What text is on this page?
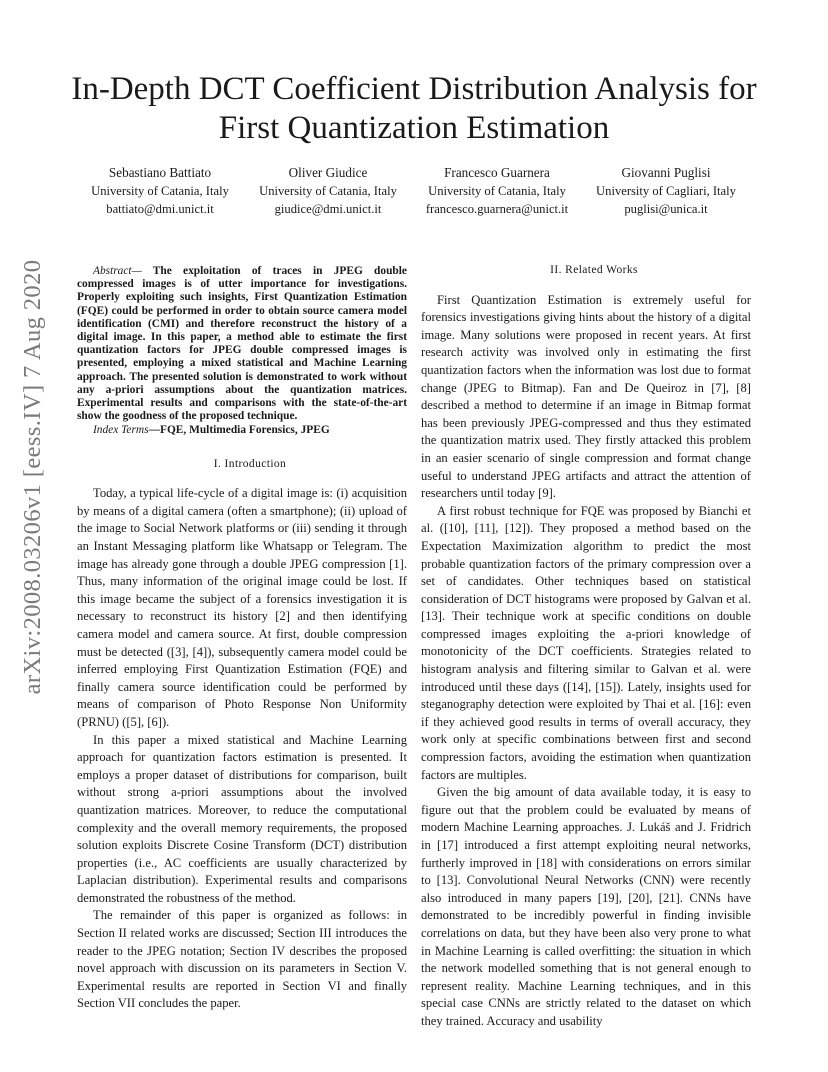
In-Depth DCT Coefficient Distribution Analysis for First Quantization Estimation
Sebastiano Battiato
University of Catania, Italy
battiato@dmi.unict.it
Oliver Giudice
University of Catania, Italy
giudice@dmi.unict.it
Francesco Guarnera
University of Catania, Italy
francesco.guarnera@unict.it
Giovanni Puglisi
University of Cagliari, Italy
puglisi@unica.it
arXiv:2008.03206v1 [eess.IV] 7 Aug 2020	Abstract— The exploitation of traces in JPEG double compressed images is of utter importance for investigations. Properly exploiting such insights, First Quantization Estimation (FQE) could be performed in order to obtain source camera model identification (CMI) and therefore reconstruct the history of a digital image. In this paper, a method able to estimate the first quantization factors for JPEG double compressed images is presented, employing a mixed statistical and Machine Learning approach. The presented solution is demonstrated to work without any a-priori assumptions about the quantization matrices. Experimental results and comparisons with the state-of-the-art show the goodness of the proposed technique.

Index Terms—FQE, Multimedia Forensics, JPEG

I. Introduction

Today, a typical life-cycle of a digital image is: (i) acquisition by means of a digital camera (often a smartphone); (ii) upload of the image to Social Network platforms or (iii) sending it through an Instant Messaging platform like Whatsapp or Telegram. The image has already gone through a double JPEG compression [1]. Thus, many information of the original image could be lost. If this image became the subject of a forensics investigation it is necessary to reconstruct its history [2] and then identifying camera model and camera source. At first, double compression must be detected ([3], [4]), subsequently camera model could be inferred employing First Quantization Estimation (FQE) and finally camera source identification could be performed by means of comparison of Photo Response Non Uniformity (PRNU) ([5], [6]).

In this paper a mixed statistical and Machine Learning approach for quantization factors estimation is presented. It employs a proper dataset of distributions for comparison, built without strong a-priori assumptions about the involved quantization matrices. Moreover, to reduce the computational complexity and the overall memory requirements, the proposed solution exploits Discrete Cosine Transform (DCT) distribution properties (i.e., AC coefficients are usually characterized by Laplacian distribution). Experimental results and comparisons demonstrated the robustness of the method.

The remainder of this paper is organized as follows: in Section II related works are discussed; Section III introduces the reader to the JPEG notation; Section IV describes the proposed novel approach with discussion on its parameters in Section V. Experimental results are reported in Section VI and finally Section VII concludes the paper.

II. Related Works

First Quantization Estimation is extremely useful for forensics investigations giving hints about the history of a digital image. Many solutions were proposed in recent years. At first research activity was involved only in estimating the first quantization factors when the information was lost due to format change (JPEG to Bitmap). Fan and De Queiroz in [7], [8] described a method to determine if an image in Bitmap format has been previously JPEG-compressed and thus they estimated the quantization matrix used. They firstly attacked this problem in an easier scenario of single compression and format change useful to understand JPEG artifacts and attract the attention of researchers until today [9].

A first robust technique for FQE was proposed by Bianchi et al. ([10], [11], [12]). They proposed a method based on the Expectation Maximization algorithm to predict the most probable quantization factors of the primary compression over a set of candidates. Other techniques based on statistical consideration of DCT histograms were proposed by Galvan et al. [13]. Their technique work at specific conditions on double compressed images exploiting the a-priori knowledge of monotonicity of the DCT coefficients. Strategies related to histogram analysis and filtering similar to Galvan et al. were introduced until these days ([14], [15]). Lately, insights used for steganography detection were exploited by Thai et al. [16]: even if they achieved good results in terms of overall accuracy, they work only at specific combinations between first and second compression factors, avoiding the estimation when quantization factors are multiples.

Given the big amount of data available today, it is easy to figure out that the problem could be evaluated by means of modern Machine Learning approaches. J. Lukáš and J. Fridrich in [17] introduced a first attempt exploiting neural networks, furtherly improved in [18] with considerations on errors similar to [13]. Convolutional Neural Networks (CNN) were recently also introduced in many papers [19], [20], [21]. CNNs have demonstrated to be incredibly powerful in finding invisible correlations on data, but they have been also very prone to what in Machine Learning is called overfitting: the situation in which the network modelled something that is not general enough to represent reality. Machine Learning techniques, and in this special case CNNs are strictly related to the dataset on which they trained. Accuracy and usability
